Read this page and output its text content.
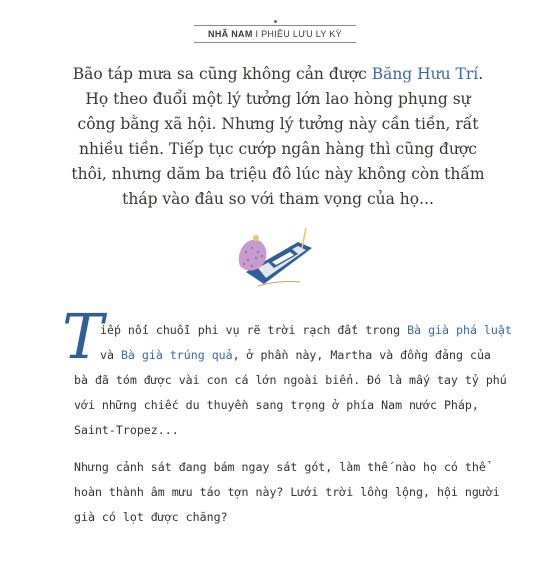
NHÃ NAM I PHIÊU LƯU LY KỲ
Bão táp mưa sa cũng không cản được Băng Hưu Trí.
Họ theo đuổi một lý tưởng lớn lao hòng phụng sự
công bằng xã hội. Nhưng lý tưởng này cần tiền, rất
nhiều tiền. Tiếp tục cướp ngân hàng thì cũng được
thôi, nhưng dăm ba triệu đô lúc này không còn thấm
tháp vào đâu so với tham vọng của họ...
T
iếp nối chuỗi phi vụ rẽ trời rạch đất trong Bà già phá luật
và Bà già trúng quả, ở phần này, Martha và đồng đảng của
bà đã tóm được vài con cá lớn ngoài biển. Đó là mấy tay tỷ phú
với những chiếc du thuyền sang trọng ở phía Nam nước Pháp,
Saint-Tropez...
Nhưng cảnh sát đang bám ngay sát gót, làm thế nào họ có thể
hoàn thành âm mưu táo tợn này? Lưới trời lồng lộng, hội người
già có lọt được chăng?
